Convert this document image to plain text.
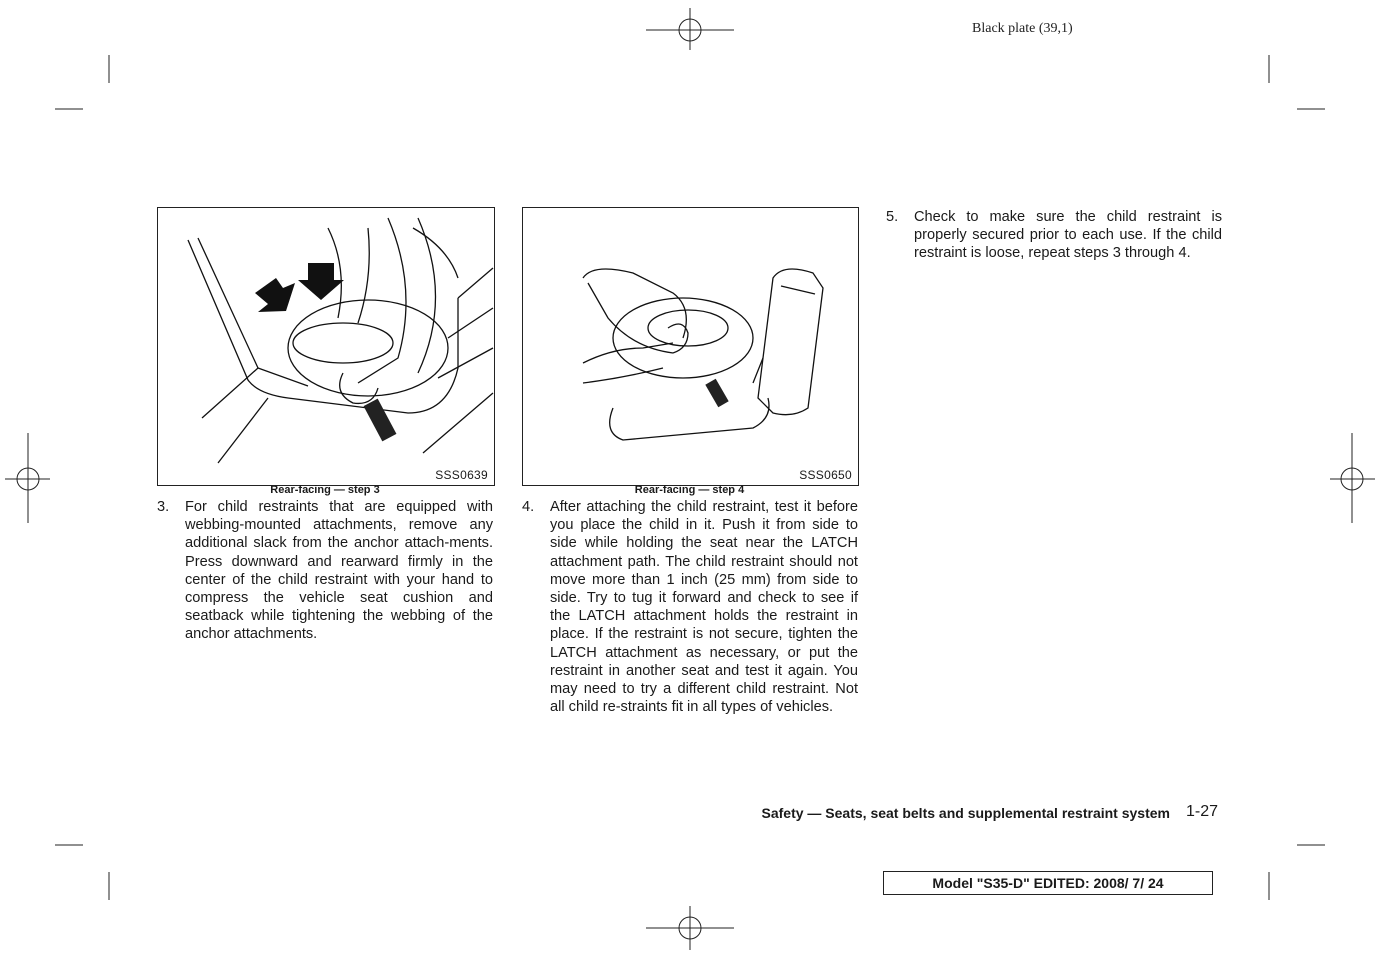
Black plate (39,1)
SSS0639
Rear-facing — step 3
SSS0650
Rear-facing — step 4
3. For child restraints that are equipped with webbing-mounted attachments, remove any additional slack from the anchor attach-ments. Press downward and rearward firmly in the center of the child restraint with your hand to compress the vehicle seat cushion and seatback while tightening the webbing of the anchor attachments.
4. After attaching the child restraint, test it before you place the child in it. Push it from side to side while holding the seat near the LATCH attachment path. The child restraint should not move more than 1 inch (25 mm) from side to side. Try to tug it forward and check to see if the LATCH attachment holds the restraint in place. If the restraint is not secure, tighten the LATCH attachment as necessary, or put the restraint in another seat and test it again. You may need to try a different child restraint. Not all child re-straints fit in all types of vehicles.
5. Check to make sure the child restraint is properly secured prior to each use. If the child restraint is loose, repeat steps 3 through 4.
Safety — Seats, seat belts and supplemental restraint system 1-27
Model "S35-D" EDITED: 2008/ 7/ 24
